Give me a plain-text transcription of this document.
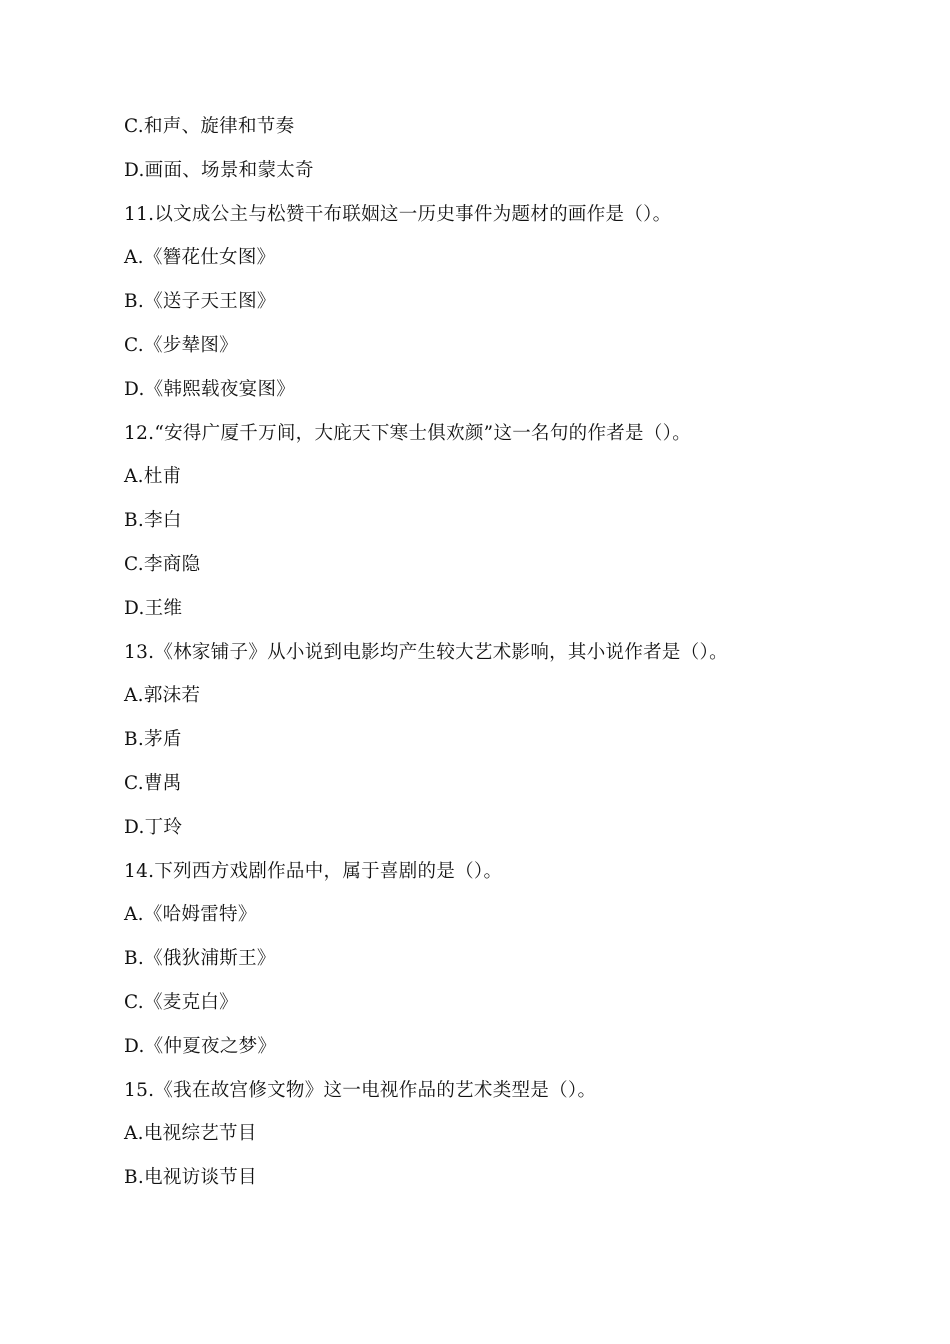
C.和声、旋律和节奏
D.画面、场景和蒙太奇
11.以文成公主与松赞干布联姻这一历史事件为题材的画作是（）。
A.《簪花仕女图》
B.《送子天王图》
C.《步辇图》
D.《韩熙载夜宴图》
12.“安得广厦千万间，大庇天下寒士俱欢颜”这一名句的作者是（）。
A.杜甫
B.李白
C.李商隐
D.王维
13.《林家铺子》从小说到电影均产生较大艺术影响，其小说作者是（）。
A.郭沫若
B.茅盾
C.曹禺
D.丁玲
14.下列西方戏剧作品中，属于喜剧的是（）。
A.《哈姆雷特》
B.《俄狄浦斯王》
C.《麦克白》
D.《仲夏夜之梦》
15.《我在故宫修文物》这一电视作品的艺术类型是（）。
A.电视综艺节目
B.电视访谈节目
